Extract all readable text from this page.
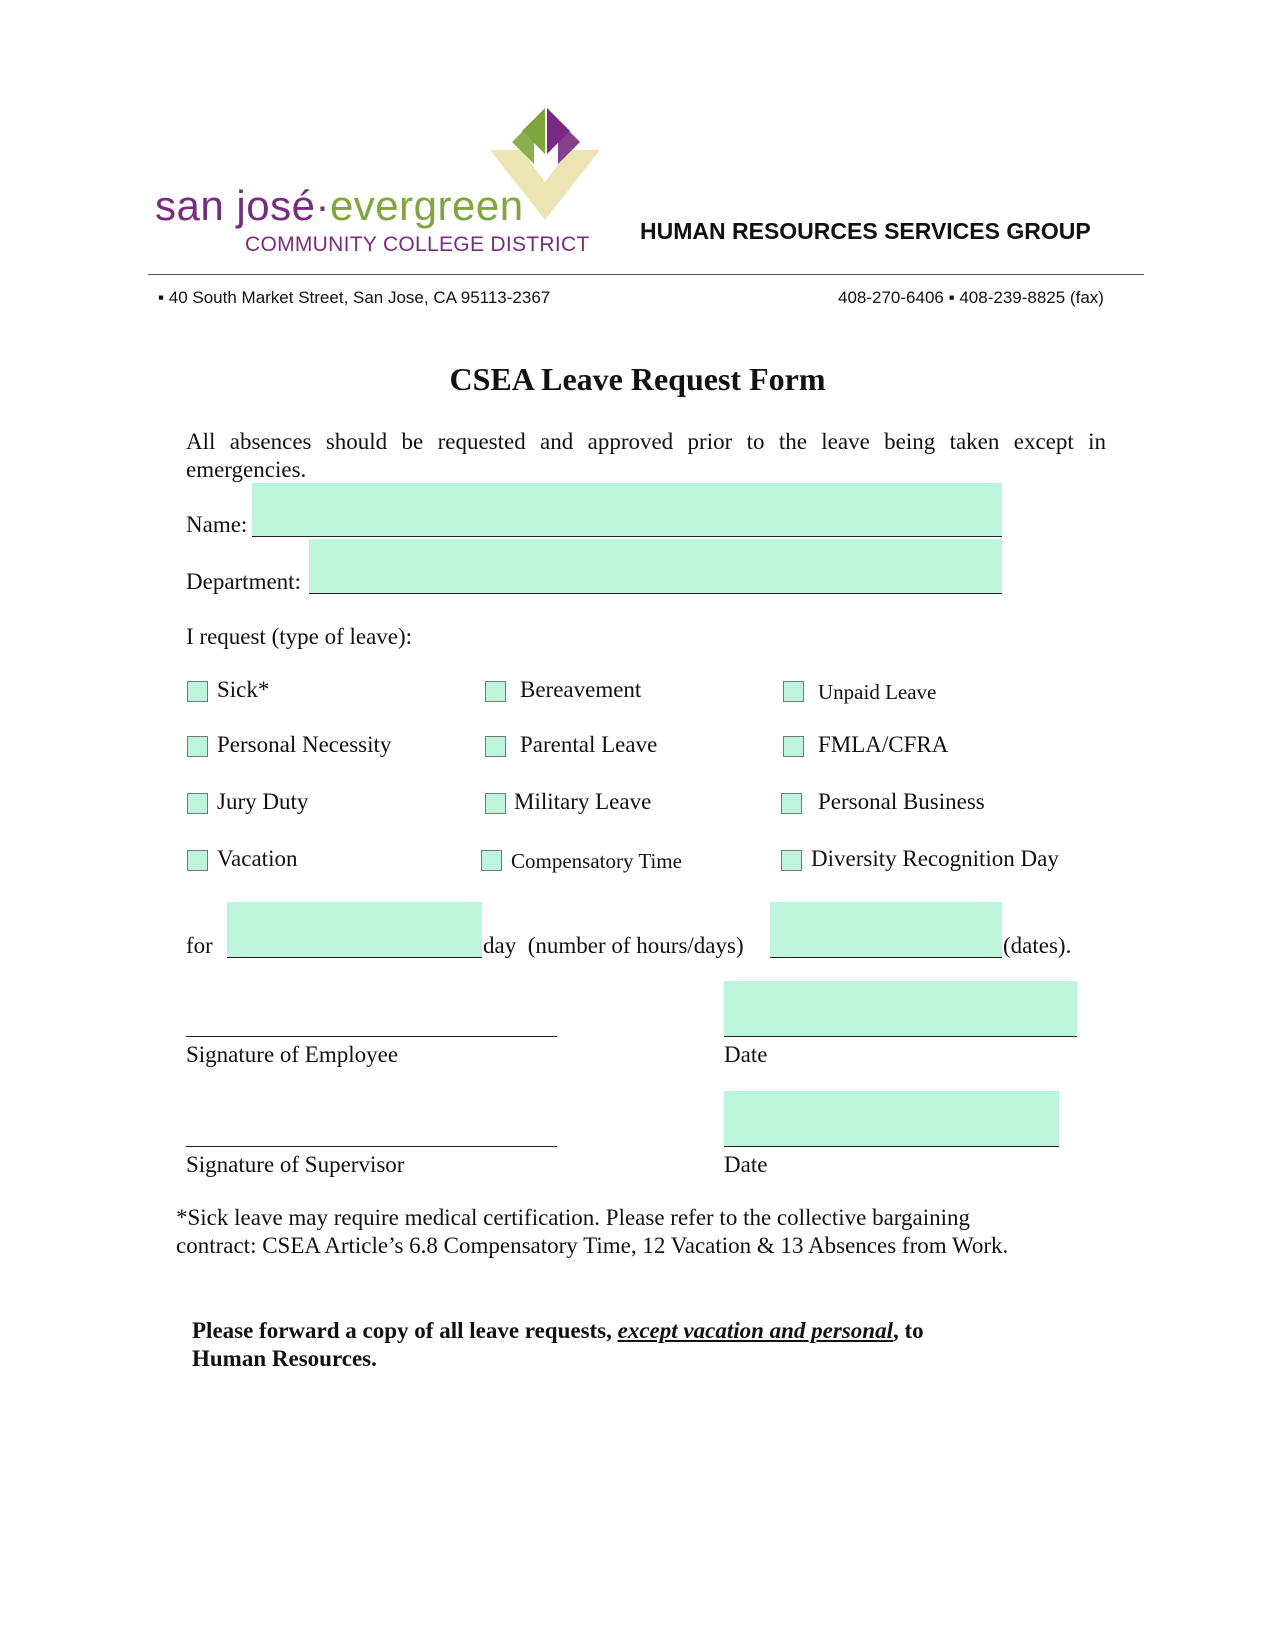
san josé·evergreen
COMMUNITY COLLEGE DISTRICT
HUMAN RESOURCES SERVICES GROUP
▪ 40 South Market Street, San Jose, CA 95113-2367	408-270-6406 ▪ 408-239-8825 (fax)
CSEA Leave Request Form
All absences should be requested and approved prior to the leave being taken except in emergencies.
Name:
Department:
I request (type of leave):
Sick*	Bereavement	Unpaid Leave
Personal Necessity	Parental Leave	FMLA/CFRA
Jury Duty	Military Leave	Personal Business
Vacation	Compensatory Time	Diversity Recognition Day
for	day  (number of hours/days)	(dates).
Signature of Employee	Date
Signature of Supervisor	Date
*Sick leave may require medical certification. Please refer to the collective bargaining
contract: CSEA Article’s 6.8 Compensatory Time, 12 Vacation & 13 Absences from Work.
Please forward a copy of all leave requests, except vacation and personal, to
Human Resources.
